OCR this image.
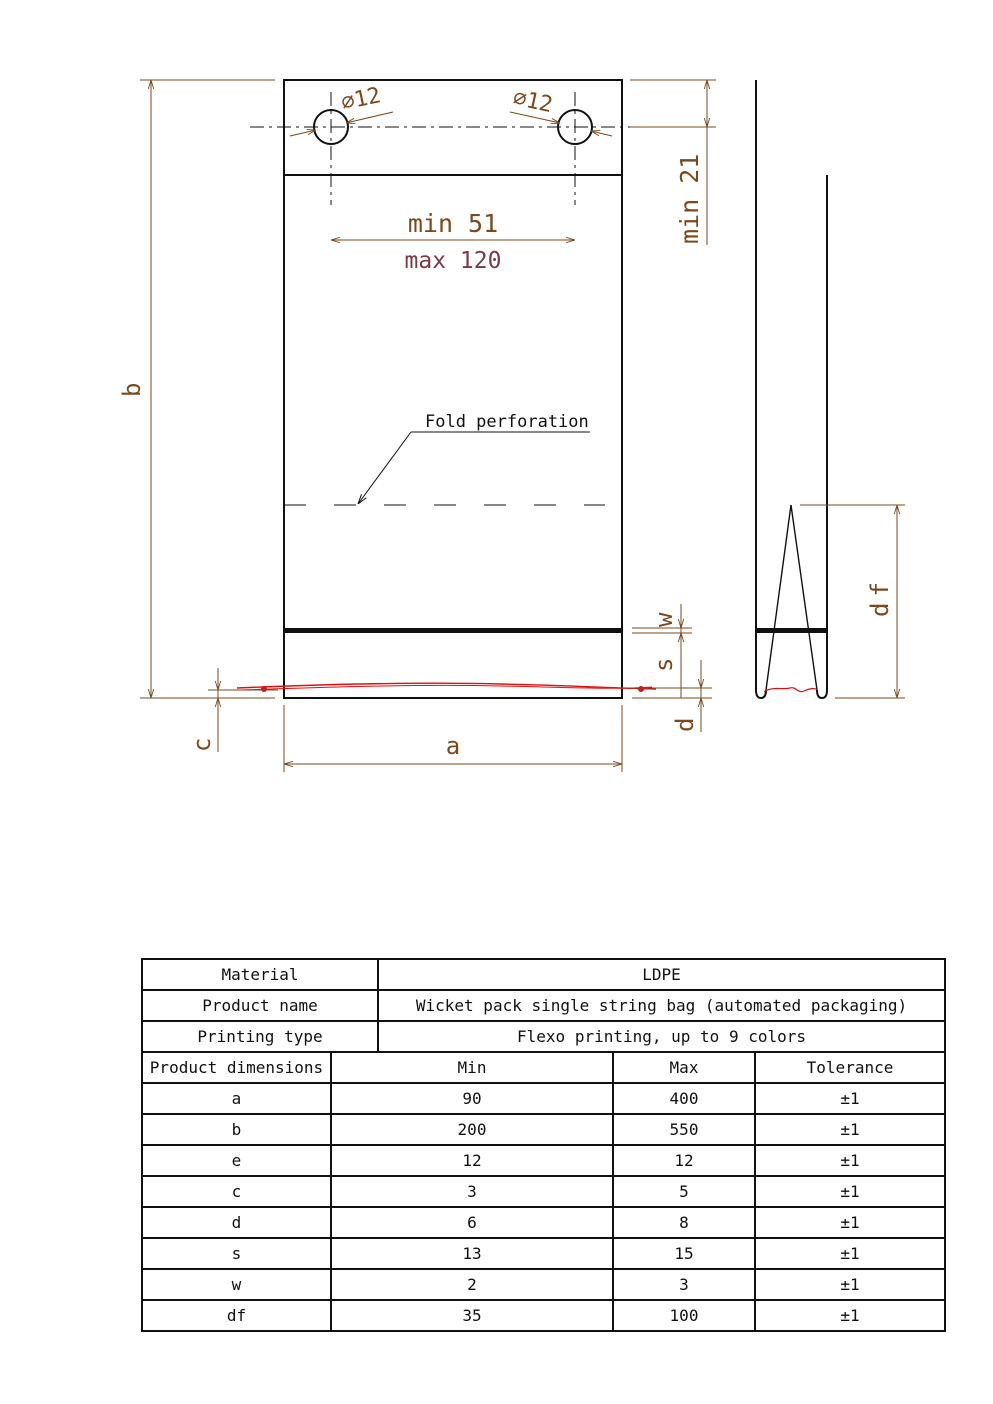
Fold perforation
∅12	∅12
min 51
max 120
min 21
b
a
c
w
s
d
df
Material		LDPE		
Product name		Wicket pack single string bag (automated packaging)		
Printing type		Flexo printing, up to 9 colors		
Product dimensions	Min		Max	Tolerance
a	90		400	±1
b	200		550	±1
e	12		12	±1
c	3		5	±1
d	6		8	±1
s	13		15	±1
w	2		3	±1
df	35		100	±1
